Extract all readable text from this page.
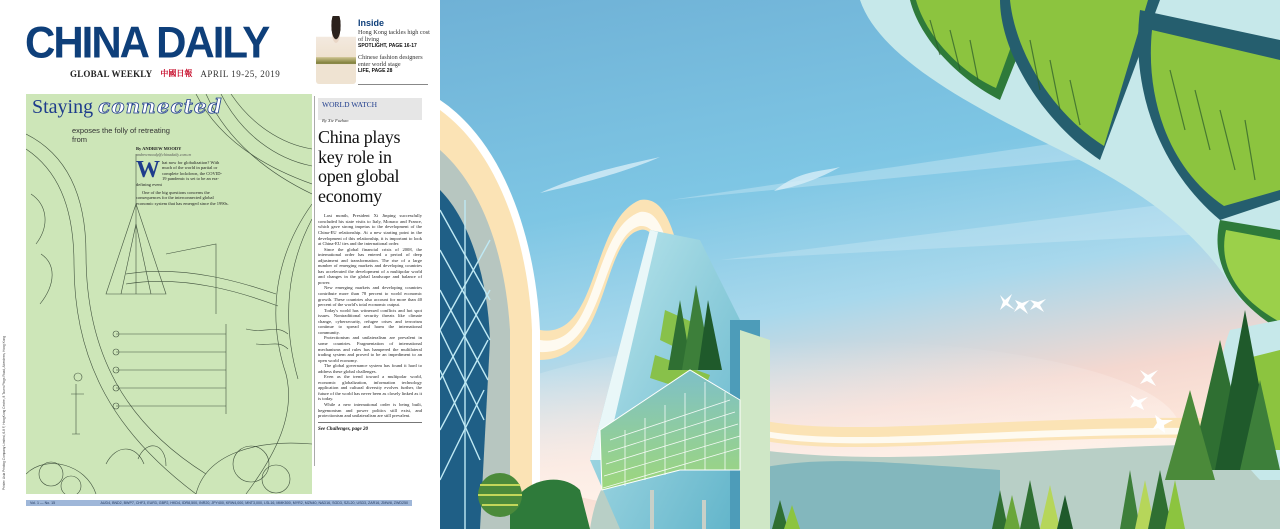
CHINA DAILY
GLOBAL WEEKLY 中國日報 APRIL 19-25, 2019
Inside
Hong Kong tackles high cost of living
SPOTLIGHT, PAGE 16-17
Chinese fashion designers enter world stage
LIFE, PAGE 28
Staying connected
exposes the folly of retreating from
By ANDREW MOODY
andrewmoody@chinadaily.com.cn
What now for globalization? With much of the world in partial or complete lockdown, the COVID-19 pandemic is set to be an era-defining event
One of the big questions concerns the consequences for the interconnected global economic system that has emerged since the 1990s.
WORLD WATCH
By Xie Fuzhan
China plays key role in open global economy

Last month, President Xi Jinping successfully concluded his state visits to Italy, Monaco and France, which gave strong impetus to the development of the China-EU relationship. At a new starting point in the development of this relationship, it is important to look at China-EU ties and the international order.

Since the global financial crisis of 2008, the international order has entered a period of deep adjustment and transformation. The rise of a large number of emerging markets and developing countries has accelerated the development of a multipolar world and changes in the global landscape and balance of power.

New emerging markets and developing countries contribute more than 78 percent to world economic growth. These countries also account for more than 40 percent of the world's total economic output.

Today's world has witnessed conflicts and hot spot issues. Nontraditional security threats like climate change, cybersecurity, refugee crises and terrorism continue to spread and harm the international community.

Protectionism and unilateralism are prevalent in some countries. Fragmentation of international mechanisms and rules has hampered the multilateral trading system and proved to be an impediment to an open world economy.

The global governance system has found it hard to address these global challenges.

Even as the trend toward a multipolar world, economic globalization, information technology application and cultural diversity evolves further, the future of the world has never been as closely linked as it is today.

While a new international order is being built, hegemonism and power politics still exist, and protectionism and unilateralism are still prevalent.

See Challenges, page 20
Vol. 1 — No. 15	AUD4, BND2, BWP7, CHF3, EUR3, GBP2, HKD4, IDR8,500, INR20, JPY400, KRW4,000, MNT3,000, LSL16, MMK500, MYR2, MZN40, NAD16, SGD3, SZL20, USD3, ZAR16, ZMW8, ZWD250
Printer: Asia Printing Company Limited, 6-8 F, HongKong Centre, 8 Tsuen Pings Road, Aberdeen, Hong Kong
